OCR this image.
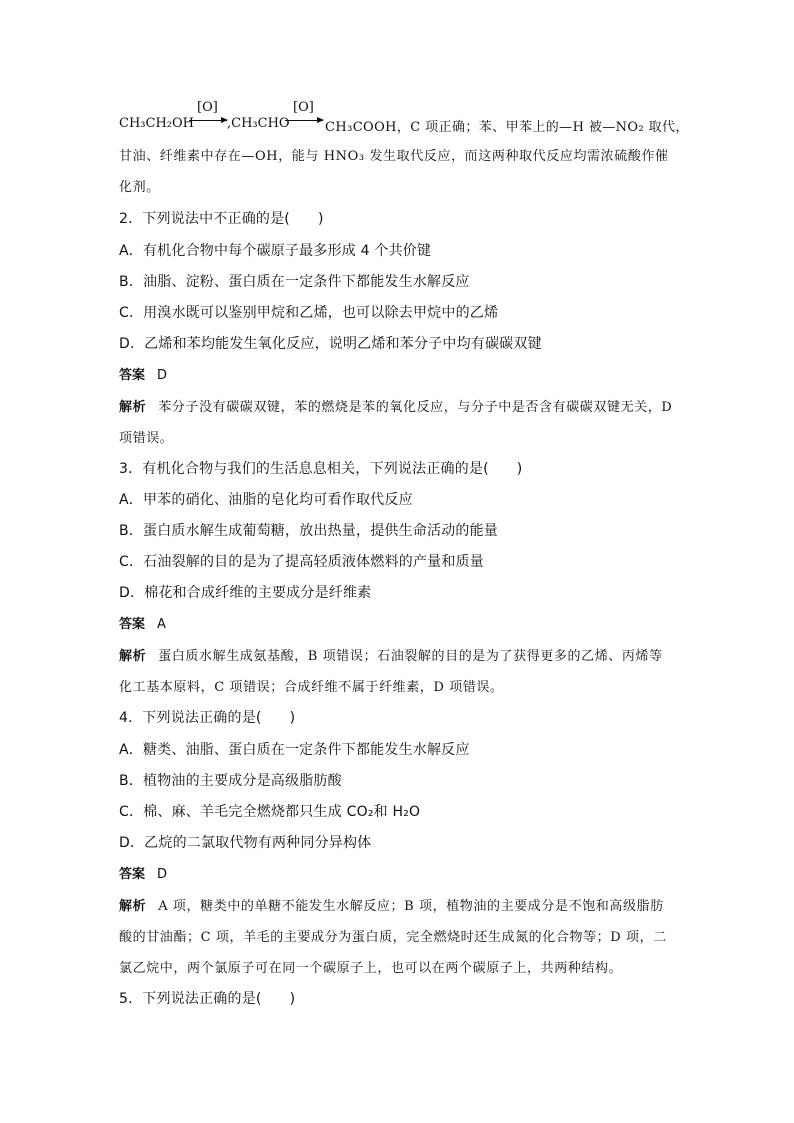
CH₃CH₂OH
[O]
,CH₃CHO
[O]
CH₃COOH，C 项正确；苯、甲苯上的—H 被—NO₂ 取代，
甘油、纤维素中存在—OH，能与 HNO₃ 发生取代反应，而这两种取代反应均需浓硫酸作催
化剂。
2．下列说法中不正确的是( )
A．有机化合物中每个碳原子最多形成 4 个共价键
B．油脂、淀粉、蛋白质在一定条件下都能发生水解反应
C．用溴水既可以鉴别甲烷和乙烯，也可以除去甲烷中的乙烯
D．乙烯和苯均能发生氧化反应，说明乙烯和苯分子中均有碳碳双键
答案 D
解析 苯分子没有碳碳双键，苯的燃烧是苯的氧化反应，与分子中是否含有碳碳双键无关，D
项错误。
3．有机化合物与我们的生活息息相关，下列说法正确的是( )
A．甲苯的硝化、油脂的皂化均可看作取代反应
B．蛋白质水解生成葡萄糖，放出热量，提供生命活动的能量
C．石油裂解的目的是为了提高轻质液体燃料的产量和质量
D．棉花和合成纤维的主要成分是纤维素
答案 A
解析 蛋白质水解生成氨基酸，B 项错误；石油裂解的目的是为了获得更多的乙烯、丙烯等
化工基本原料，C 项错误；合成纤维不属于纤维素，D 项错误。
4．下列说法正确的是( )
A．糖类、油脂、蛋白质在一定条件下都能发生水解反应
B．植物油的主要成分是高级脂肪酸
C．棉、麻、羊毛完全燃烧都只生成 CO₂和 H₂O
D．乙烷的二氯取代物有两种同分异构体
答案 D
解析 A 项，糖类中的单糖不能发生水解反应；B 项，植物油的主要成分是不饱和高级脂肪
酸的甘油酯；C 项，羊毛的主要成分为蛋白质，完全燃烧时还生成氮的化合物等；D 项，二
氯乙烷中，两个氯原子可在同一个碳原子上，也可以在两个碳原子上，共两种结构。
5．下列说法正确的是( )
